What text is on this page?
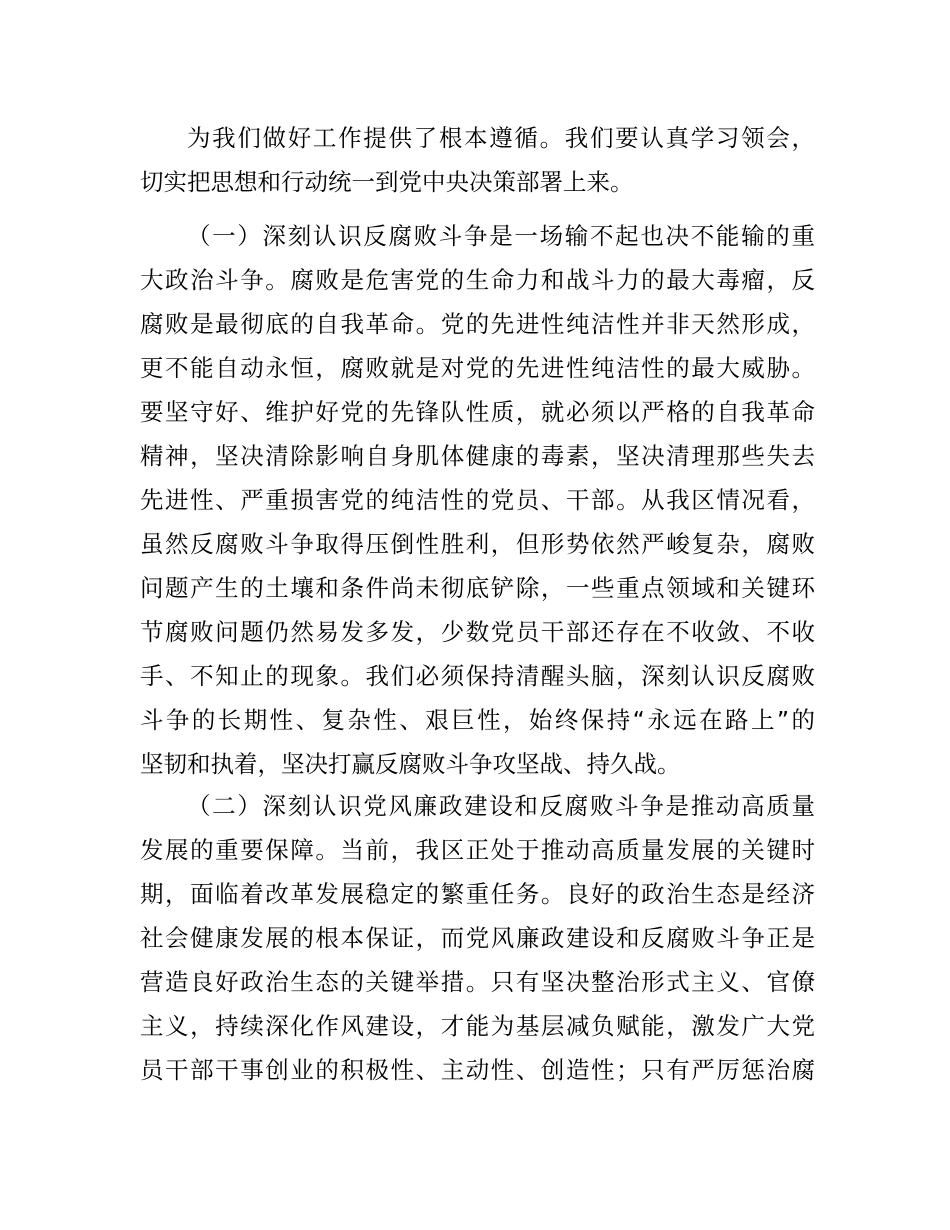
为我们做好工作提供了根本遵循。我们要认真学习领会，
切实把思想和行动统一到党中央决策部署上来。
（一）深刻认识反腐败斗争是一场输不起也决不能输的重
大政治斗争。腐败是危害党的生命力和战斗力的最大毒瘤，反
腐败是最彻底的自我革命。党的先进性纯洁性并非天然形成，
更不能自动永恒，腐败就是对党的先进性纯洁性的最大威胁。
要坚守好、维护好党的先锋队性质，就必须以严格的自我革命
精神，坚决清除影响自身肌体健康的毒素，坚决清理那些失去
先进性、严重损害党的纯洁性的党员、干部。从我区情况看，
虽然反腐败斗争取得压倒性胜利，但形势依然严峻复杂，腐败
问题产生的土壤和条件尚未彻底铲除，一些重点领域和关键环
节腐败问题仍然易发多发，少数党员干部还存在不收敛、不收
手、不知止的现象。我们必须保持清醒头脑，深刻认识反腐败
斗争的长期性、复杂性、艰巨性，始终保持“永远在路上”的
坚韧和执着，坚决打赢反腐败斗争攻坚战、持久战。
（二）深刻认识党风廉政建设和反腐败斗争是推动高质量
发展的重要保障。当前，我区正处于推动高质量发展的关键时
期，面临着改革发展稳定的繁重任务。良好的政治生态是经济
社会健康发展的根本保证，而党风廉政建设和反腐败斗争正是
营造良好政治生态的关键举措。只有坚决整治形式主义、官僚
主义，持续深化作风建设，才能为基层减负赋能，激发广大党
员干部干事创业的积极性、主动性、创造性；只有严厉惩治腐
